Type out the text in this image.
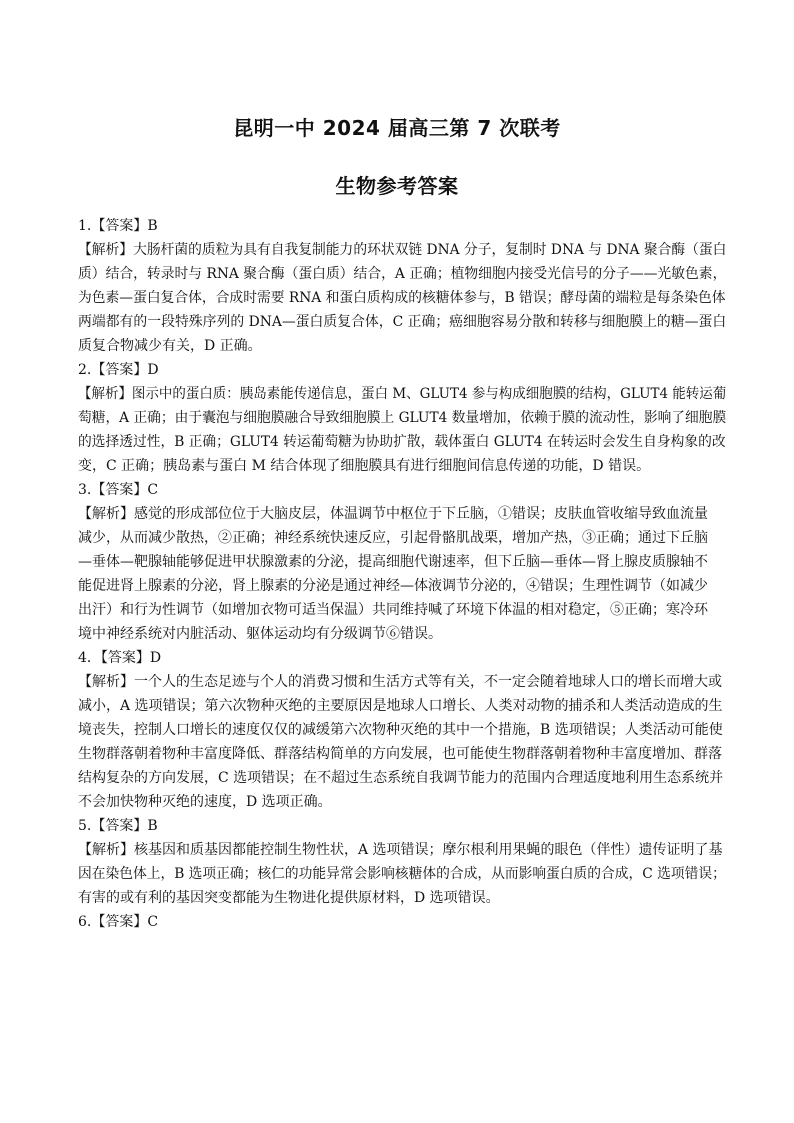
昆明一中 2024 届高三第 7 次联考
生物参考答案
1.【答案】B
【解析】大肠杆菌的质粒为具有自我复制能力的环状双链 DNA 分子，复制时 DNA 与 DNA 聚合酶（蛋白
质）结合，转录时与 RNA 聚合酶（蛋白质）结合，A 正确；植物细胞内接受光信号的分子——光敏色素，
为色素—蛋白复合体，合成时需要 RNA 和蛋白质构成的核糖体参与，B 错误；酵母菌的端粒是每条染色体
两端都有的一段特殊序列的 DNA—蛋白质复合体，C 正确；癌细胞容易分散和转移与细胞膜上的糖—蛋白
质复合物减少有关，D 正确。
2.【答案】D
【解析】图示中的蛋白质：胰岛素能传递信息，蛋白 M、GLUT4 参与构成细胞膜的结构，GLUT4 能转运葡
萄糖，A 正确；由于囊泡与细胞膜融合导致细胞膜上 GLUT4 数量增加，依赖于膜的流动性，影响了细胞膜
的选择透过性，B 正确；GLUT4 转运葡萄糖为协助扩散，载体蛋白 GLUT4 在转运时会发生自身构象的改
变，C 正确；胰岛素与蛋白 M 结合体现了细胞膜具有进行细胞间信息传递的功能，D 错误。
3.【答案】C
【解析】感觉的形成部位位于大脑皮层，体温调节中枢位于下丘脑，①错误；皮肤血管收缩导致血流量
减少，从而减少散热，②正确；神经系统快速反应，引起骨骼肌战栗，增加产热，③正确；通过下丘脑
—垂体—靶腺轴能够促进甲状腺激素的分泌，提高细胞代谢速率，但下丘脑—垂体—肾上腺皮质腺轴不
能促进肾上腺素的分泌，肾上腺素的分泌是通过神经—体液调节分泌的，④错误；生理性调节（如减少
出汗）和行为性调节（如增加衣物可适当保温）共同维持喊了环境下体温的相对稳定，⑤正确；寒冷环
境中神经系统对内脏活动、躯体运动均有分级调节⑥错误。
4．【答案】D
【解析】一个人的生态足迹与个人的消费习惯和生活方式等有关，不一定会随着地球人口的增长而增大或
减小，A 选项错误；第六次物种灭绝的主要原因是地球人口增长、人类对动物的捕杀和人类活动造成的生
境丧失，控制人口增长的速度仅仅的减缓第六次物种灭绝的其中一个措施，B 选项错误；人类活动可能使
生物群落朝着物种丰富度降低、群落结构简单的方向发展，也可能使生物群落朝着物种丰富度增加、群落
结构复杂的方向发展，C 选项错误；在不超过生态系统自我调节能力的范围内合理适度地利用生态系统并
不会加快物种灭绝的速度，D 选项正确。
5.【答案】B
【解析】核基因和质基因都能控制生物性状，A 选项错误；摩尔根利用果蝇的眼色（伴性）遗传证明了基
因在染色体上，B 选项正确；核仁的功能异常会影响核糖体的合成，从而影响蛋白质的合成，C 选项错误；
有害的或有利的基因突变都能为生物进化提供原材料，D 选项错误。
6.【答案】C
